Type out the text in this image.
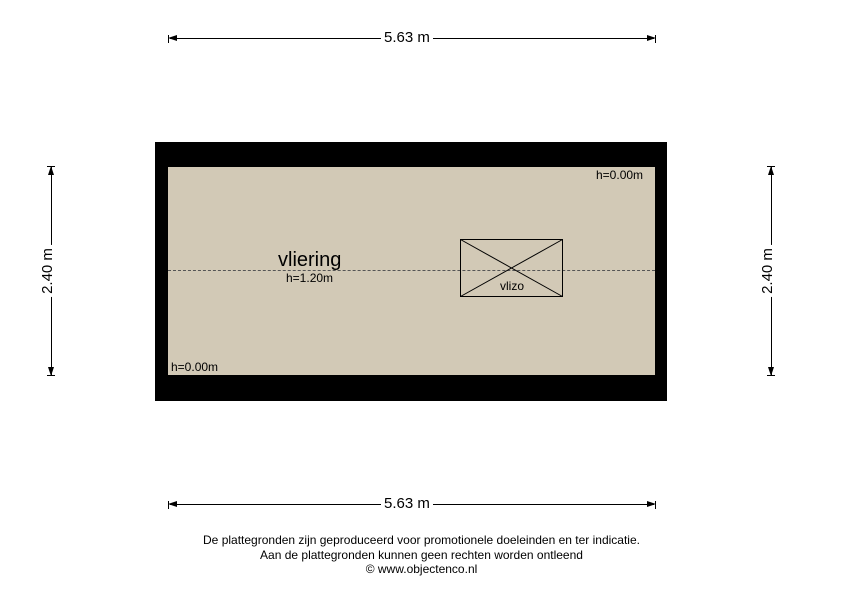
5.63 m
5.63 m
2.40 m	2.40 m
h=0.00m
h=0.00m
vliering
h=1.20m
vlizo
De plattegronden zijn geproduceerd voor promotionele doeleinden en ter indicatie.
Aan de plattegronden kunnen geen rechten worden ontleend
© www.objectenco.nl
